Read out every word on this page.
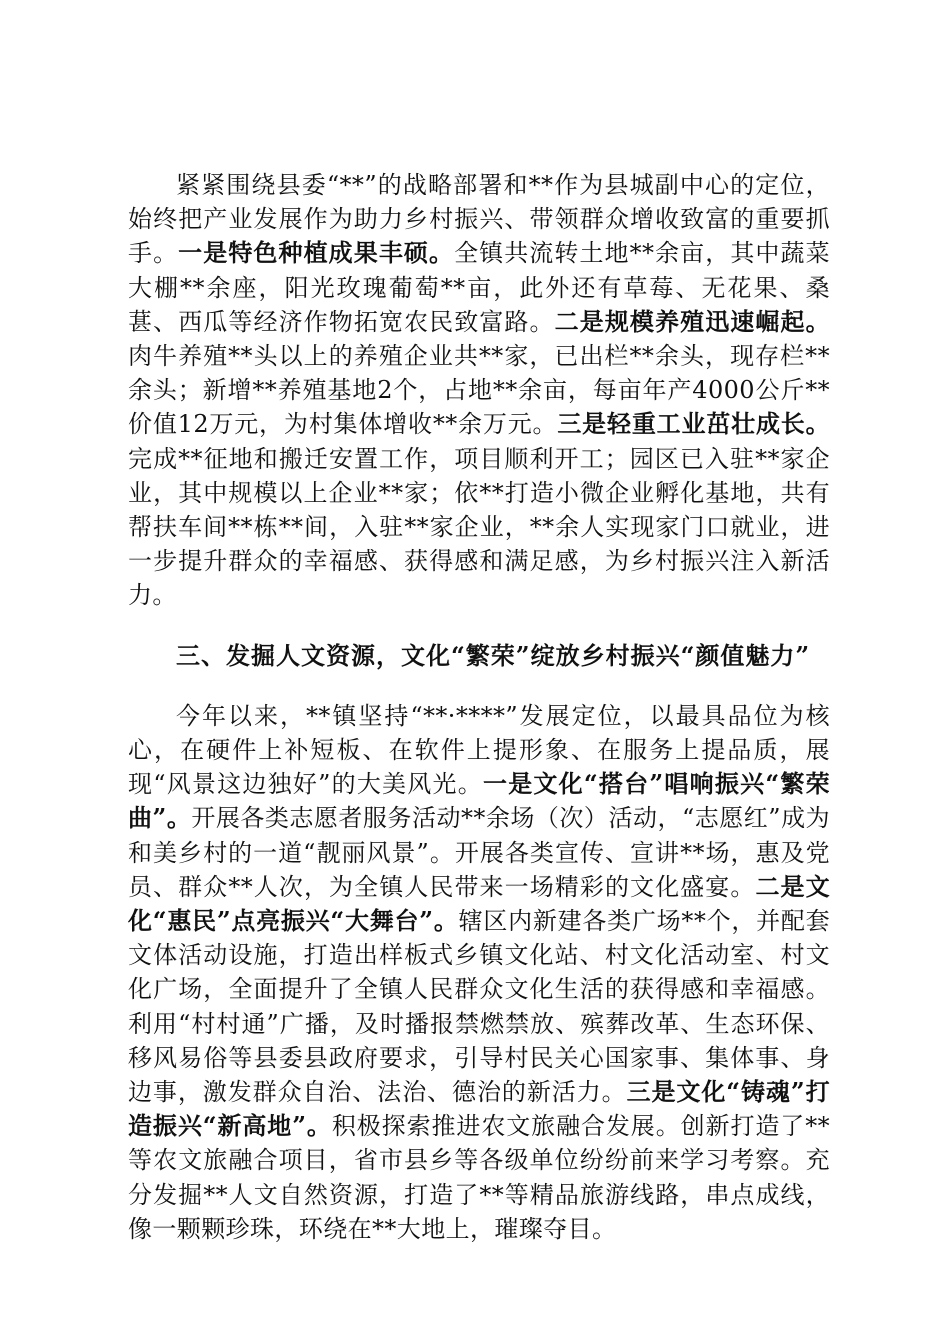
紧紧围绕县委“**”的战略部署和**作为县城副中心的定位，始终把产业发展作为助力乡村振兴、带领群众增收致富的重要抓手。一是特色种植成果丰硕。全镇共流转土地**余亩，其中蔬菜大棚**余座，阳光玫瑰葡萄**亩，此外还有草莓、无花果、桑葚、西瓜等经济作物拓宽农民致富路。二是规模养殖迅速崛起。肉牛养殖**头以上的养殖企业共**家，已出栏**余头，现存栏**余头；新增**养殖基地2个，占地**余亩，每亩年产4000公斤**价值12万元，为村集体增收**余万元。三是轻重工业茁壮成长。完成**征地和搬迁安置工作，项目顺利开工；园区已入驻**家企业，其中规模以上企业**家；依**打造小微企业孵化基地，共有帮扶车间**栋**间，入驻**家企业，**余人实现家门口就业，进一步提升群众的幸福感、获得感和满足感，为乡村振兴注入新活力。

三、发掘人文资源，文化“繁荣”绽放乡村振兴“颜值魅力”

今年以来，**镇坚持“**·****”发展定位，以最具品位为核心，在硬件上补短板、在软件上提形象、在服务上提品质，展现“风景这边独好”的大美风光。一是文化“搭台”唱响振兴“繁荣曲”。开展各类志愿者服务活动**余场（次）活动，“志愿红”成为和美乡村的一道“靓丽风景”。开展各类宣传、宣讲**场，惠及党员、群众**人次，为全镇人民带来一场精彩的文化盛宴。二是文化“惠民”点亮振兴“大舞台”。辖区内新建各类广场**个，并配套文体活动设施，打造出样板式乡镇文化站、村文化活动室、村文化广场，全面提升了全镇人民群众文化生活的获得感和幸福感。利用“村村通”广播，及时播报禁燃禁放、殡葬改革、生态环保、移风易俗等县委县政府要求，引导村民关心国家事、集体事、身边事，激发群众自治、法治、德治的新活力。三是文化“铸魂”打造振兴“新高地”。积极探索推进农文旅融合发展。创新打造了**等农文旅融合项目，省市县乡等各级单位纷纷前来学习考察。充分发掘**人文自然资源，打造了**等精品旅游线路，串点成线，像一颗颗珍珠，环绕在**大地上，璀璨夺目。
